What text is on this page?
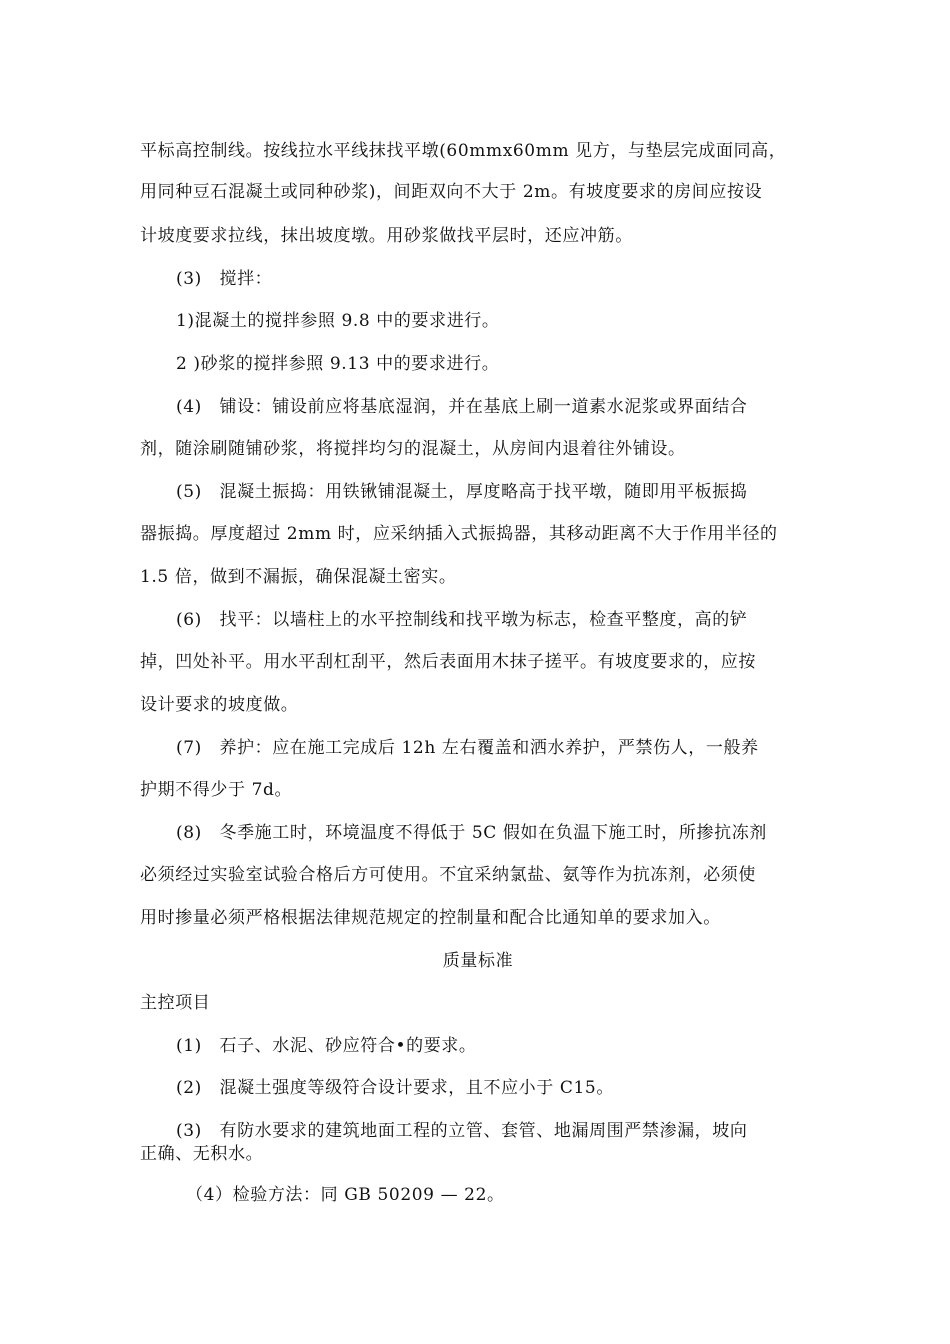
平标高控制线。按线拉水平线抹找平墩(60mmx60mm 见方，与垫层完成面同高，
用同种豆石混凝土或同种砂浆)，间距双向不大于 2m。有坡度要求的房间应按设
计坡度要求拉线，抹出坡度墩。用砂浆做找平层时，还应冲筋。
(3)　搅拌：
1)混凝土的搅拌参照 9.8 中的要求进行。
2 )砂浆的搅拌参照 9.13 中的要求进行。
(4)　铺设：铺设前应将基底湿润，并在基底上刷一道素水泥浆或界面结合
剂，随涂刷随铺砂浆，将搅拌均匀的混凝土，从房间内退着往外铺设。
(5)　混凝土振捣：用铁锹铺混凝土，厚度略高于找平墩，随即用平板振捣
器振捣。厚度超过 2mm 时，应采纳插入式振捣器，其移动距离不大于作用半径的
1.5 倍，做到不漏振，确保混凝土密实。
(6)　找平：以墙柱上的水平控制线和找平墩为标志，检查平整度，高的铲
掉，凹处补平。用水平刮杠刮平，然后表面用木抹子搓平。有坡度要求的，应按
设计要求的坡度做。
(7)　养护：应在施工完成后 12h 左右覆盖和洒水养护，严禁伤人，一般养
护期不得少于 7d。
(8)　冬季施工时，环境温度不得低于 5C 假如在负温下施工时，所掺抗冻剂
必须经过实验室试验合格后方可使用。不宜采纳氯盐、氨等作为抗冻剂，必须使
用时掺量必须严格根据法律规范规定的控制量和配合比通知单的要求加入。
质量标准
主控项目
(1)　石子、水泥、砂应符合•的要求。
(2)　混凝土强度等级符合设计要求，且不应小于 C15。
(3)　有防水要求的建筑地面工程的立管、套管、地漏周围严禁渗漏，坡向
正确、无积水。
（4）检验方法：同 GB 50209 — 22。
